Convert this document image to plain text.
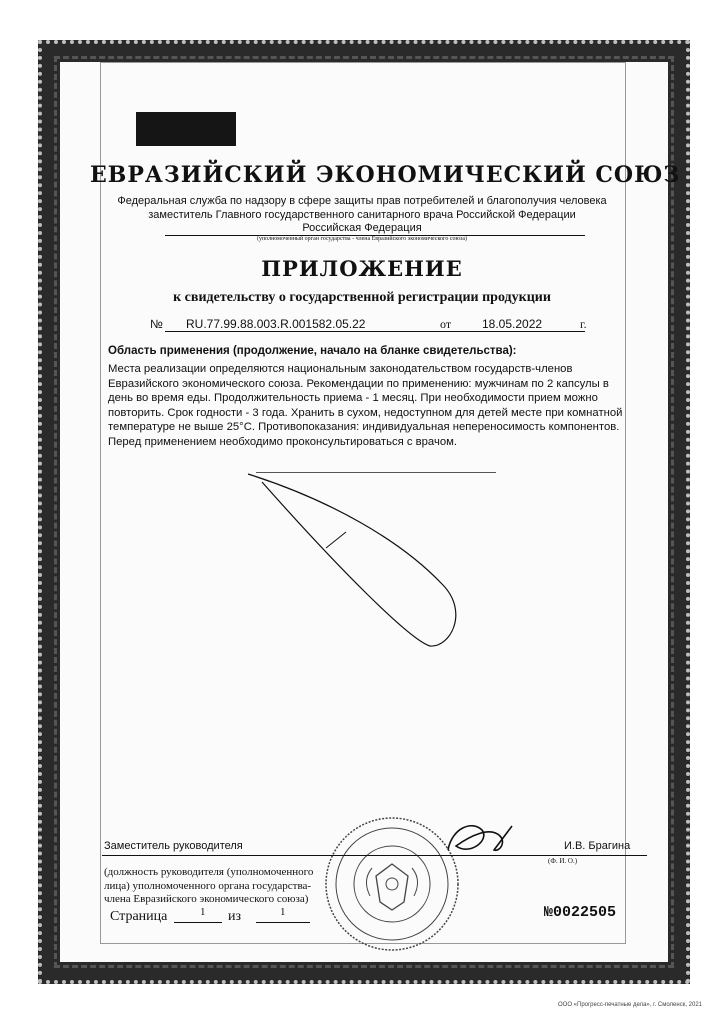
ЕВРАЗИЙСКИЙ ЭКОНОМИЧЕСКИЙ СОЮЗ
Федеральная служба по надзору в сфере защиты прав потребителей и благополучия человека
заместитель Главного государственного санитарного врача Российской Федерации
Российская Федерация
(уполномоченный орган государства - члена Евразийского экономического союза)
ПРИЛОЖЕНИЕ
к свидетельству о государственной регистрации продукции
№ RU.77.99.88.003.R.001582.05.22	от	18.05.2022	г.
Область применения (продолжение, начало на бланке свидетельства):

Места реализации определяются национальным законодательством государств-членов
Евразийского экономического союза. Рекомендации по применению: мужчинам по 2 капсулы в
день во время еды. Продолжительность приема - 1 месяц. При необходимости прием можно
повторить. Срок годности - 3 года. Хранить в сухом, недоступном для детей месте при комнатной
температуре не выше 25°C. Противопоказания: индивидуальная непереносимость компонентов.
Перед применением необходимо проконсультироваться с врачом.

Заместитель руководителя	И.В. Брагина
(Ф. И. О.)

(должность руководителя (уполномоченного
лица) уполномоченного органа государства-
члена Евразийского экономического союза)

Страница	1 из	1	№0022505
ООО «Прогресс-печатные дела», г. Смоленск, 2021
